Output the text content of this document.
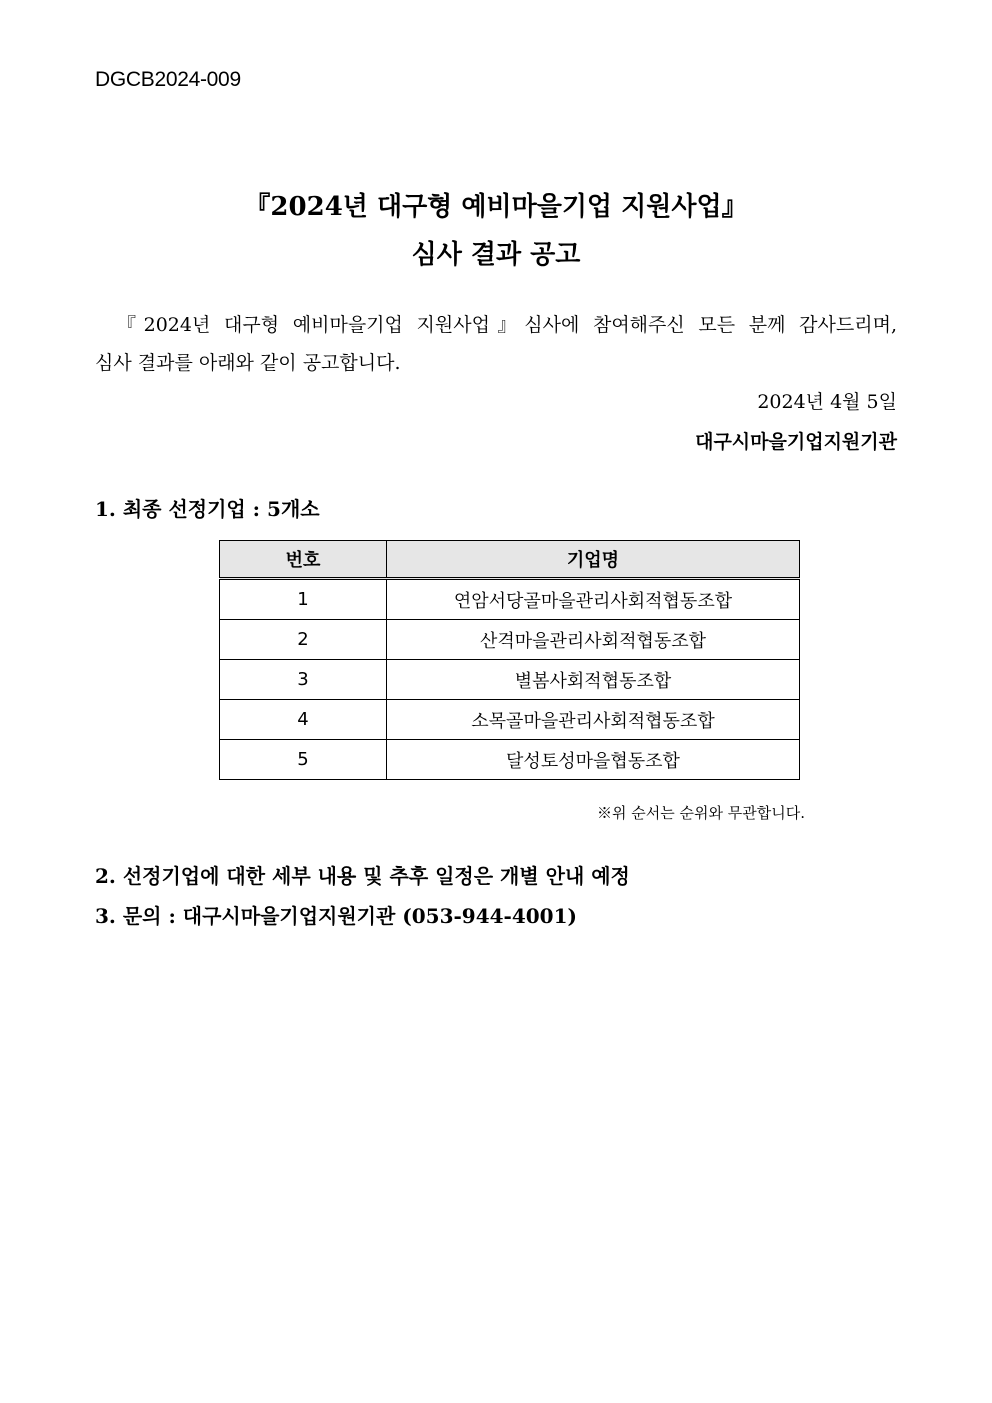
DGCB2024-009
『2024년 대구형 예비마을기업 지원사업』
심사 결과 공고
『2024년 대구형 예비마을기업 지원사업』심사에 참여해주신 모든 분께 감사드리며,
심사 결과를 아래와 같이 공고합니다.
2024년 4월 5일
대구시마을기업지원기관
1. 최종 선정기업 : 5개소
번호	기업명
1	연암서당골마을관리사회적협동조합
2	산격마을관리사회적협동조합
3	별봄사회적협동조합
4	소목골마을관리사회적협동조합
5	달성토성마을협동조합
※위 순서는 순위와 무관합니다.
2. 선정기업에 대한 세부 내용 및 추후 일정은 개별 안내 예정
3. 문의 : 대구시마을기업지원기관 (053-944-4001)
